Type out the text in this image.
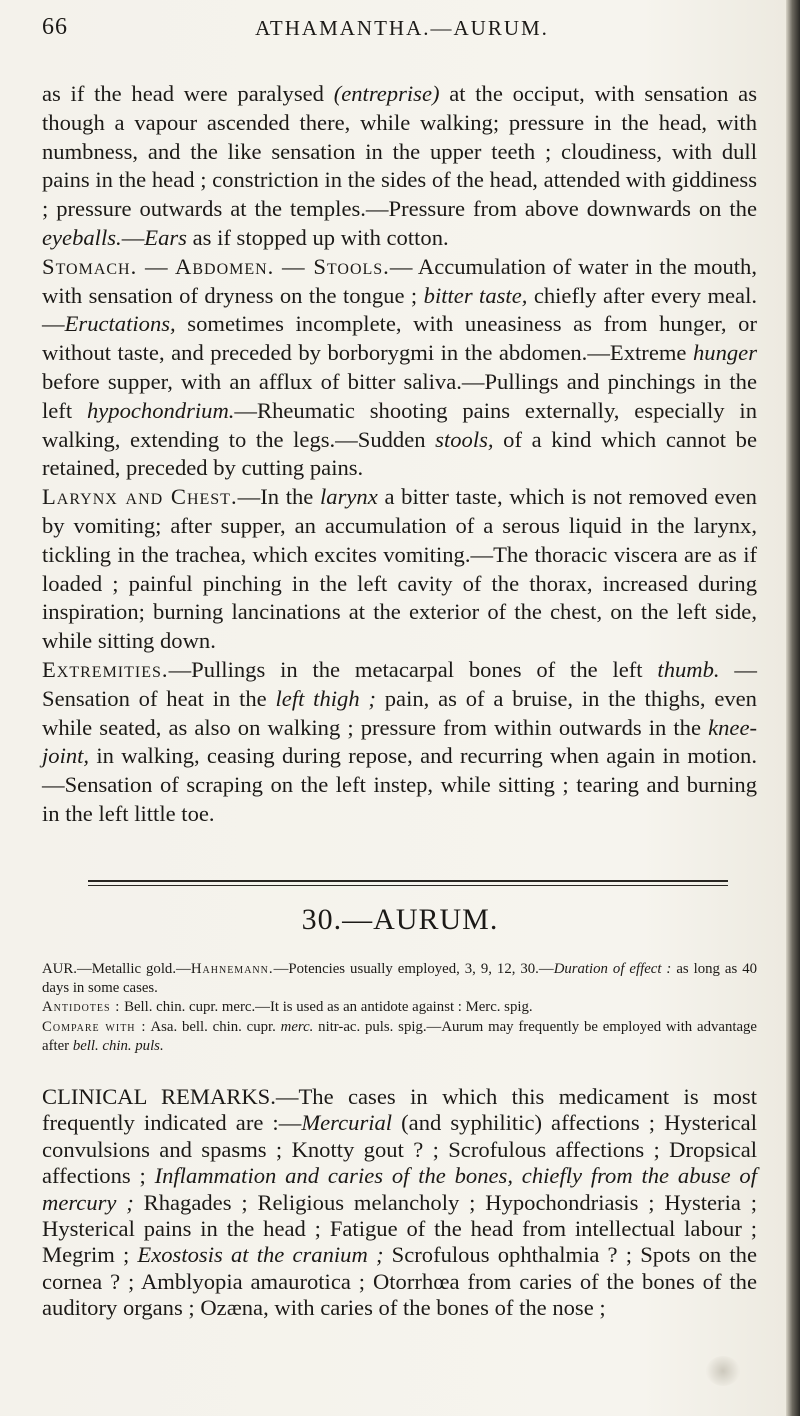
66	ATHAMANTHA.—AURUM.

as if the head were paralysed (entreprise) at the occiput, with sensation as though a vapour ascended there, while walking; pressure in the head, with numbness, and the like sensation in the upper teeth ; cloudiness, with dull pains in the head ; constriction in the sides of the head, attended with giddiness ; pressure outwards at the temples.—Pressure from above downwards on the eyeballs.—Ears as if stopped up with cotton.

Stomach. — Abdomen. — Stools.— Accumulation of water in the mouth, with sensation of dryness on the tongue ; bitter taste, chiefly after every meal.—Eructations, sometimes incomplete, with uneasiness as from hunger, or without taste, and preceded by borborygmi in the abdomen.—Extreme hunger before supper, with an afflux of bitter saliva.—Pullings and pinchings in the left hypochondrium.—Rheumatic shooting pains externally, especially in walking, extending to the legs.—Sudden stools, of a kind which cannot be retained, preceded by cutting pains.

Larynx and Chest.—In the larynx a bitter taste, which is not removed even by vomiting; after supper, an accumulation of a serous liquid in the larynx, tickling in the trachea, which excites vomiting.—The thoracic viscera are as if loaded ; painful pinching in the left cavity of the thorax, increased during inspiration; burning lancinations at the exterior of the chest, on the left side, while sitting down.

Extremities.—Pullings in the metacarpal bones of the left thumb. —Sensation of heat in the left thigh ; pain, as of a bruise, in the thighs, even while seated, as also on walking ; pressure from within outwards in the knee-joint, in walking, ceasing during repose, and recurring when again in motion.—Sensation of scraping on the left instep, while sitting ; tearing and burning in the left little toe.

30.—AURUM.

AUR.—Metallic gold.—Hahnemann.—Potencies usually employed, 3, 9, 12, 30.—Duration of effect : as long as 40 days in some cases.

Antidotes : Bell. chin. cupr. merc.—It is used as an antidote against : Merc. spig.

Compare with : Asa. bell. chin. cupr. merc. nitr-ac. puls. spig.—Aurum may frequently be employed with advantage after bell. chin. puls.

CLINICAL REMARKS.—The cases in which this medicament is most frequently indicated are :—Mercurial (and syphilitic) affections ; Hysterical convulsions and spasms ; Knotty gout ? ; Scrofulous affections ; Dropsical affections ; Inflammation and caries of the bones, chiefly from the abuse of mercury ; Rhagades ; Religious melancholy ; Hypochondriasis ; Hysteria ; Hysterical pains in the head ; Fatigue of the head from intellectual labour ; Megrim ; Exostosis at the cranium ; Scrofulous ophthalmia ? ; Spots on the cornea ? ; Amblyopia amaurotica ; Otorrhœa from caries of the bones of the auditory organs ; Ozæna, with caries of the bones of the nose ;
